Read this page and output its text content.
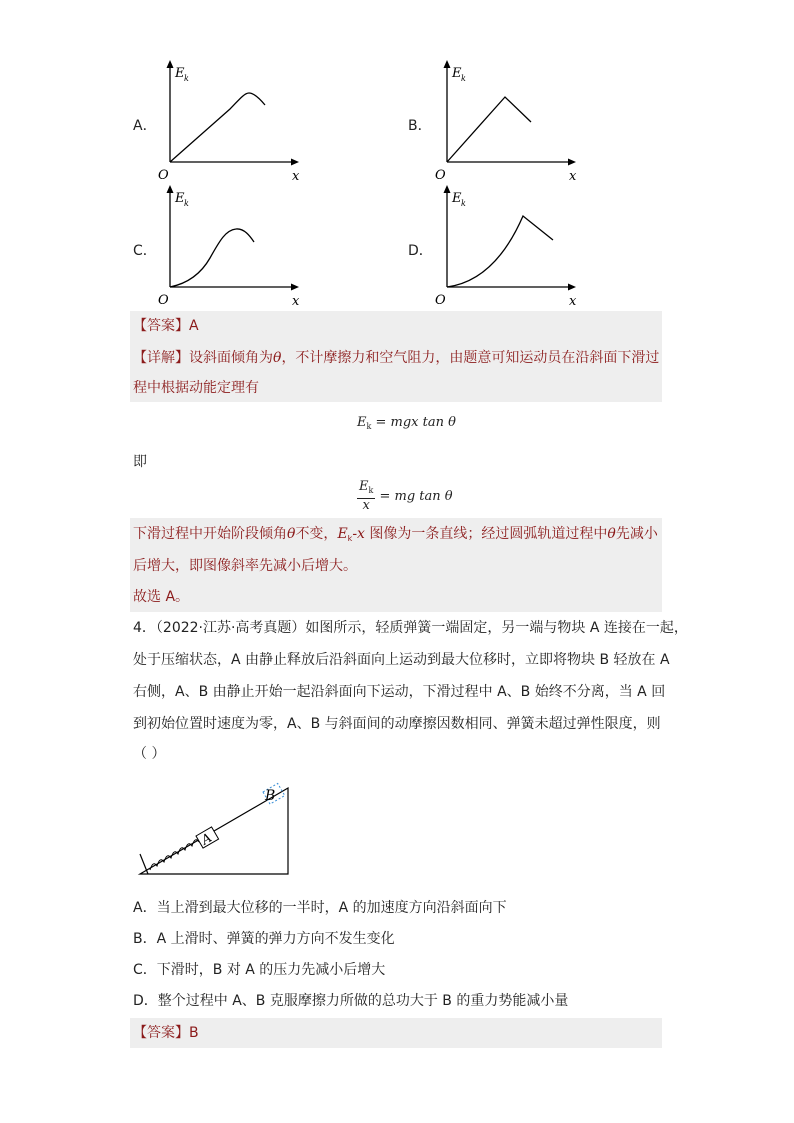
A．
E k
x
O
B．
E k
x
O
C．
E k
x
O
D．
E k
x
O
【答案】A
【详解】设斜面倾角为θ，不计摩擦力和空气阻力，由题意可知运动员在沿斜面下滑过
程中根据动能定理有
$E_k$ = mgx tan θ
即
$\frac{E_k}{x}$ = mg tan θ
下滑过程中开始阶段倾角θ不变，$E_k-x$ 图像为一条直线；经过圆弧轨道过程中θ先减小
后增大，即图像斜率先减小后增大。
故选 A。
4．（2022·江苏·高考真题）如图所示，轻质弹簧一端固定，另一端与物块 A 连接在一起，
处于压缩状态，A 由静止释放后沿斜面向上运动到最大位移时，立即将物块 B 轻放在 A
右侧，A、B 由静止开始一起沿斜面向下运动，下滑过程中 A、B 始终不分离，当 A 回
到初始位置时速度为零，A、B 与斜面间的动摩擦因数相同、弹簧未超过弹性限度，则
（ ）
A
B
A．当上滑到最大位移的一半时，A 的加速度方向沿斜面向下
B．A 上滑时、弹簧的弹力方向不发生变化
C．下滑时，B 对 A 的压力先减小后增大
D．整个过程中 A、B 克服摩擦力所做的总功大于 B 的重力势能减小量
【答案】B
